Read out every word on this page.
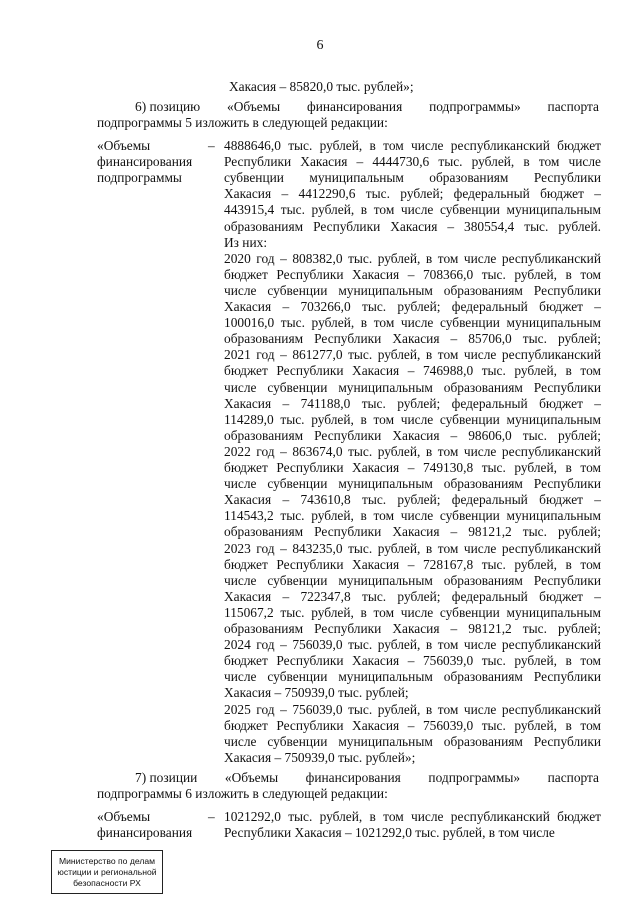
6
Хакасия – 85820,0 тыс. рублей»;
6) позицию «Объемы финансирования подпрограммы» паспорта
подпрограммы 5 изложить в следующей редакции:
«Объемы
финансирования
подпрограммы
– 4888646,0 тыс. рублей, в том числе республиканский бюджет
Республики Хакасия – 4444730,6 тыс. рублей, в том числе
субвенции муниципальным образованиям Республики
Хакасия – 4412290,6 тыс. рублей; федеральный бюджет –
443915,4 тыс. рублей, в том числе субвенции муниципальным
образованиям Республики Хакасия – 380554,4 тыс. рублей.
Из них:
2020 год – 808382,0 тыс. рублей, в том числе республиканский
бюджет Республики Хакасия – 708366,0 тыс. рублей, в том
числе субвенции муниципальным образованиям Республики
Хакасия – 703266,0 тыс. рублей; федеральный бюджет –
100016,0 тыс. рублей, в том числе субвенции муниципальным
образованиям Республики Хакасия – 85706,0 тыс. рублей;
2021 год – 861277,0 тыс. рублей, в том числе республиканский
бюджет Республики Хакасия – 746988,0 тыс. рублей, в том
числе субвенции муниципальным образованиям Республики
Хакасия – 741188,0 тыс. рублей; федеральный бюджет –
114289,0 тыс. рублей, в том числе субвенции муниципальным
образованиям Республики Хакасия – 98606,0 тыс. рублей;
2022 год – 863674,0 тыс. рублей, в том числе республиканский
бюджет Республики Хакасия – 749130,8 тыс. рублей, в том
числе субвенции муниципальным образованиям Республики
Хакасия – 743610,8 тыс. рублей; федеральный бюджет –
114543,2 тыс. рублей, в том числе субвенции муниципальным
образованиям Республики Хакасия – 98121,2 тыс. рублей;
2023 год – 843235,0 тыс. рублей, в том числе республиканский
бюджет Республики Хакасия – 728167,8 тыс. рублей, в том
числе субвенции муниципальным образованиям Республики
Хакасия – 722347,8 тыс. рублей; федеральный бюджет –
115067,2 тыс. рублей, в том числе субвенции муниципальным
образованиям Республики Хакасия – 98121,2 тыс. рублей;
2024 год – 756039,0 тыс. рублей, в том числе республиканский
бюджет Республики Хакасия – 756039,0 тыс. рублей, в том
числе субвенции муниципальным образованиям Республики
Хакасия – 750939,0 тыс. рублей;
2025 год – 756039,0 тыс. рублей, в том числе республиканский
бюджет Республики Хакасия – 756039,0 тыс. рублей, в том
числе субвенции муниципальным образованиям Республики
Хакасия – 750939,0 тыс. рублей»;
7) позиции «Объемы финансирования подпрограммы» паспорта
подпрограммы 6 изложить в следующей редакции:
«Объемы
финансирования
– 1021292,0 тыс. рублей, в том числе республиканский бюджет
Республики Хакасия – 1021292,0 тыс. рублей, в том числе
Министерство по делам
юстиции и региональной
безопасности РХ
